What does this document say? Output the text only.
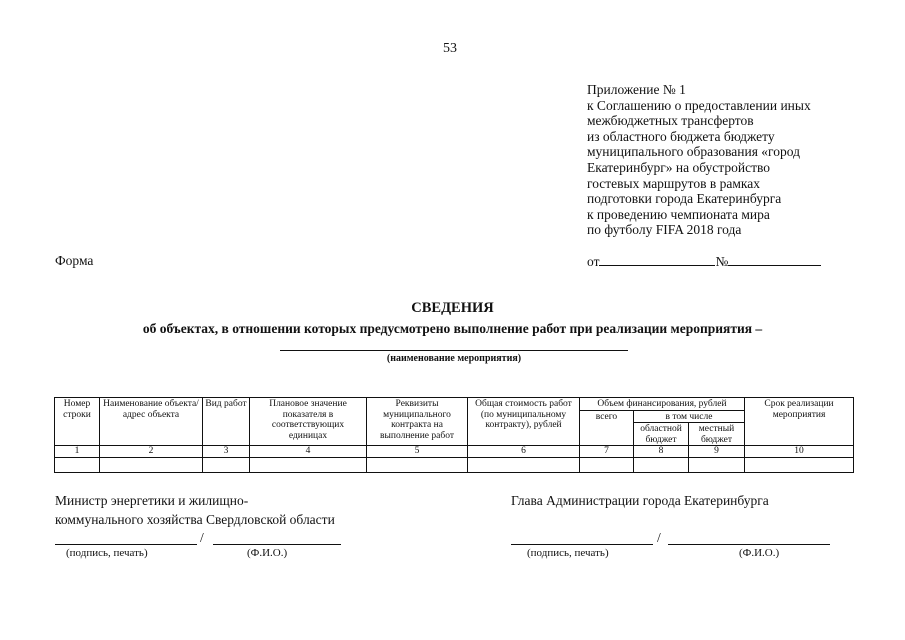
53
Приложение № 1
к Соглашению о предоставлении иных
межбюджетных трансфертов
из областного бюджета бюджету
муниципального образования «город
Екатеринбург» на обустройство
гостевых маршрутов в рамках
подготовки города Екатеринбурга
к проведению чемпионата мира
по футболу FIFA 2018 года
от	№
Форма
СВЕДЕНИЯ
об объектах, в отношении которых предусмотрено выполнение работ при реализации мероприятия –
(наименование мероприятия)
Номер строки	Наименование объекта/адрес объекта	Вид работ	Плановое значение показателя в соответствующих единицах	Реквизиты муниципального контракта на выполнение работ	Общая стоимость работ (по муниципальному контракту), рублей	Объем финансирования, рублей			Срок реализации мероприятия
						всего	в том числе		
							областной бюджет	местный бюджет	
1	2	3	4	5	6	7	8	9	10

Министр энергетики и жилищно-
коммунального хозяйства Свердловской области
/
(подпись, печать)	(Ф.И.О.)
Глава Администрации города Екатеринбурга
/
(подпись, печать)	(Ф.И.О.)
